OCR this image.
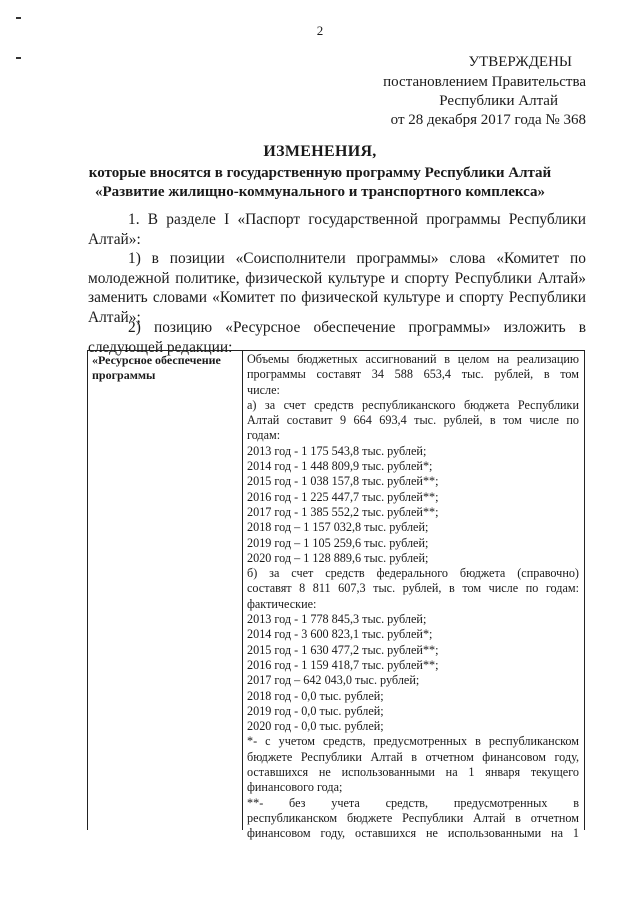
2
УТВЕРЖДЕНЫ
постановлением Правительства
Республики Алтай
от 28 декабря 2017 года № 368
ИЗМЕНЕНИЯ,
которые вносятся в государственную программу Республики Алтай
«Развитие жилищно-коммунального и транспортного комплекса»
1. В разделе I «Паспорт государственной программы Республики Алтай»:
1) в позиции «Соисполнители программы» слова «Комитет по молодежной политике, физической культуре и спорту Республики Алтай» заменить словами «Комитет по физической культуре и спорту Республики Алтай»;
2) позицию «Ресурсное обеспечение программы» изложить в следующей редакции:
«Ресурсное обеспечение программы
Объемы бюджетных ассигнований в целом на реализацию
программы составят 34 588 653,4 тыс. рублей, в том
числе:
а) за счет средств республиканского бюджета Республики
Алтай составит 9 664 693,4 тыс. рублей, в том числе по
годам:
2013 год - 1 175 543,8 тыс. рублей;
2014 год - 1 448 809,9 тыс. рублей*;
2015 год - 1 038 157,8 тыс. рублей**;
2016 год - 1 225 447,7 тыс. рублей**;
2017 год - 1 385 552,2 тыс. рублей**;
2018 год – 1 157 032,8 тыс. рублей;
2019 год – 1 105 259,6 тыс. рублей;
2020 год – 1 128 889,6 тыс. рублей;
б) за счет средств федерального бюджета (справочно)
составят 8 811 607,3 тыс. рублей, в том числе по годам:
фактические:
2013 год - 1 778 845,3 тыс. рублей;
2014 год - 3 600 823,1 тыс. рублей*;
2015 год - 1 630 477,2 тыс. рублей**;
2016 год - 1 159 418,7 тыс. рублей**;
2017 год – 642 043,0 тыс. рублей;
2018 год - 0,0 тыс. рублей;
2019 год - 0,0 тыс. рублей;
2020 год - 0,0 тыс. рублей;
*- с учетом средств, предусмотренных в республиканском
бюджете Республики Алтай в отчетном финансовом году,
оставшихся не использованными на 1 января текущего
финансового года;
**- без учета средств, предусмотренных в
республиканском бюджете Республики Алтай в отчетном
финансовом году, оставшихся не использованными на 1
